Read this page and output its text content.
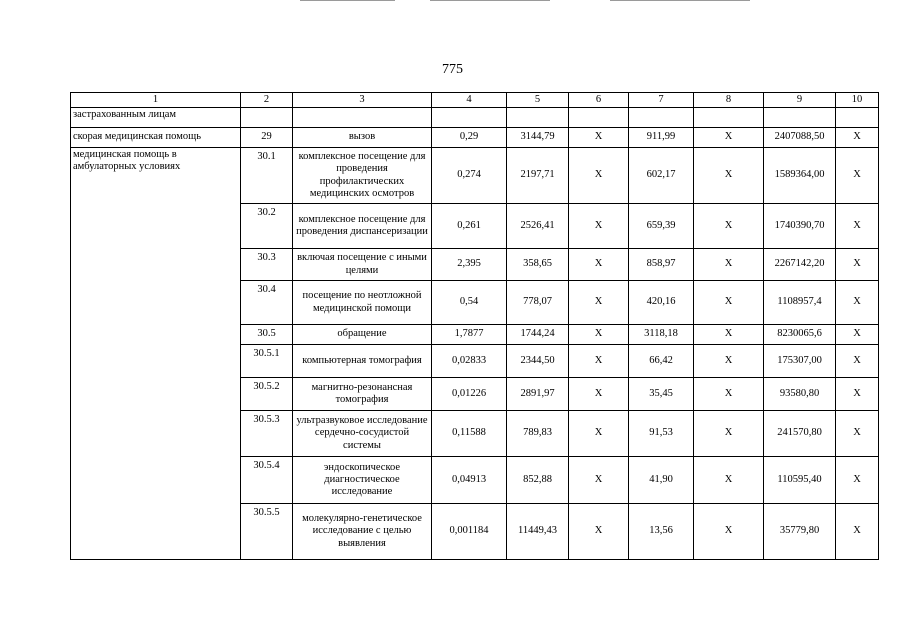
775
1	2	3	4	5	6	7	8	9	10
застрахованным лицам									
скорая медицинская помощь	29	вызов	0,29	3144,79	X	911,99	X	2407088,50	X
медицинская помощь в амбулаторных условиях	30.1	комплексное посещение для проведения профилактических медицинских осмотров	0,274	2197,71	X	602,17	X	1589364,00	X
	30.2	комплексное посещение для проведения диспансеризации	0,261	2526,41	X	659,39	X	1740390,70	X
	30.3	включая посещение с иными целями	2,395	358,65	X	858,97	X	2267142,20	X
	30.4	посещение по неотложной медицинской помощи	0,54	778,07	X	420,16	X	1108957,4	X
	30.5	обращение	1,7877	1744,24	X	3118,18	X	8230065,6	X
	30.5.1	компьютерная томография	0,02833	2344,50	X	66,42	X	175307,00	X
	30.5.2	магнитно-резонансная томография	0,01226	2891,97	X	35,45	X	93580,80	X
	30.5.3	ультразвуковое исследование сердечно-сосудистой системы	0,11588	789,83	X	91,53	X	241570,80	X
	30.5.4	эндоскопическое диагностическое исследование	0,04913	852,88	X	41,90	X	110595,40	X
	30.5.5	молекулярно-генетическое исследование с целью выявления	0,001184	11449,43	X	13,56	X	35779,80	X
